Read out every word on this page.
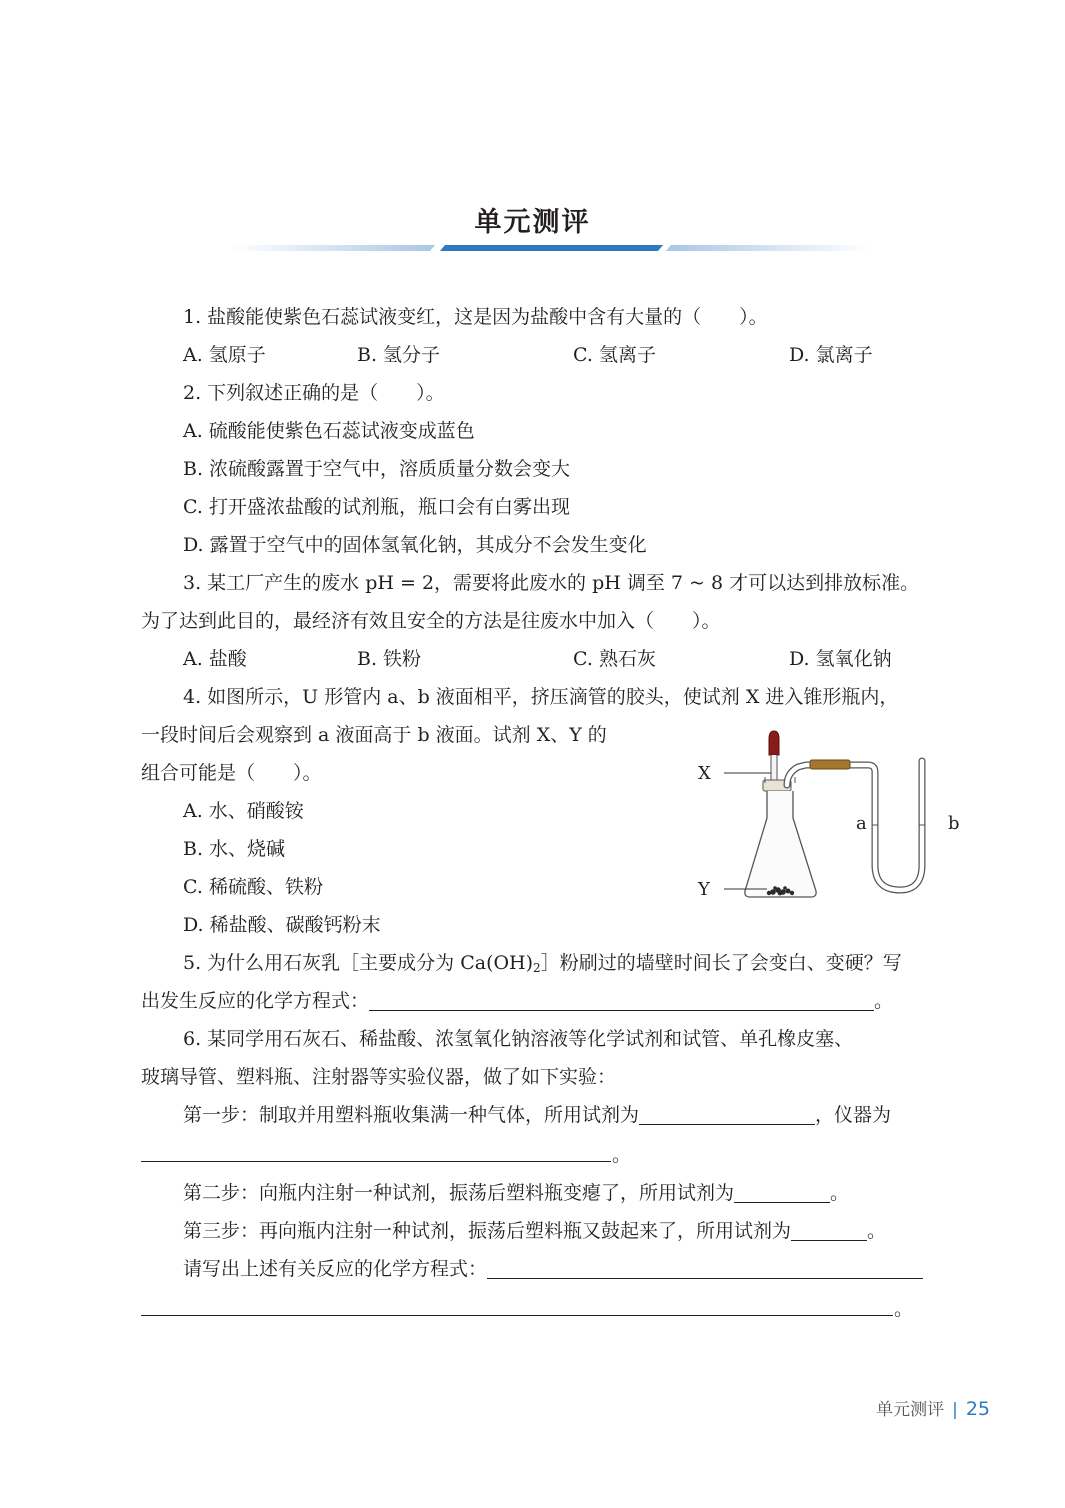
单元测评
1. 盐酸能使紫色石蕊试液变红，这是因为盐酸中含有大量的（　　）。
A. 氢原子	B. 氢分子	C. 氢离子	D. 氯离子
2. 下列叙述正确的是（　　）。
A. 硫酸能使紫色石蕊试液变成蓝色
B. 浓硫酸露置于空气中，溶质质量分数会变大
C. 打开盛浓盐酸的试剂瓶，瓶口会有白雾出现
D. 露置于空气中的固体氢氧化钠，其成分不会发生变化
3. 某工厂产生的废水 pH = 2，需要将此废水的 pH 调至 7 ~ 8 才可以达到排放标准。
为了达到此目的，最经济有效且安全的方法是往废水中加入（　　）。
A. 盐酸	B. 铁粉	C. 熟石灰	D. 氢氧化钠
4. 如图所示，U 形管内 a、b 液面相平，挤压滴管的胶头，使试剂 X 进入锥形瓶内，
一段时间后会观察到 a 液面高于 b 液面。试剂 X、Y 的
组合可能是（　　）。
A. 水、硝酸铵
B. 水、烧碱
C. 稀硫酸、铁粉
D. 稀盐酸、碳酸钙粉末
X
Y
a	b
5. 为什么用石灰乳［主要成分为 $Ca(OH)_2]$粉刷过的墙壁时间长了会变白、变硬？写
出发生反应的化学方程式：	。
6. 某同学用石灰石、稀盐酸、浓氢氧化钠溶液等化学试剂和试管、单孔橡皮塞、
玻璃导管、塑料瓶、注射器等实验仪器，做了如下实验：
第一步：制取并用塑料瓶收集满一种气体，所用试剂为	，仪器为
。
第二步：向瓶内注射一种试剂，振荡后塑料瓶变瘪了，所用试剂为	。
第三步：再向瓶内注射一种试剂，振荡后塑料瓶又鼓起来了，所用试剂为	。
请写出上述有关反应的化学方程式：
。
单元测评 | 25
